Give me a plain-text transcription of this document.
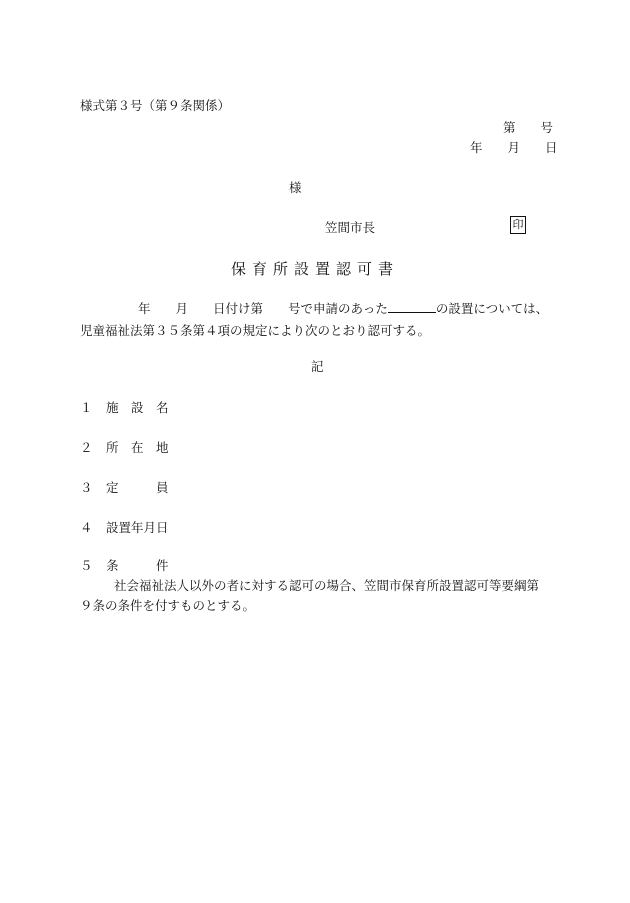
様式第３号（第９条関係）
第　　号
年　　月　　日
様
笠間市長	印
保育所設置認可書
年　　月　　日付け第　　号で申請のあった	の設置については、児童福祉法第３５条第４項の規定により次のとおり認可する。
記
１ 施　設　名
２ 所　在　地
３ 定　　　員
４ 設置年月日
５ 条　　　件
社会福祉法人以外の者に対する認可の場合、笠間市保育所設置認可等要綱第９条の条件を付すものとする。
